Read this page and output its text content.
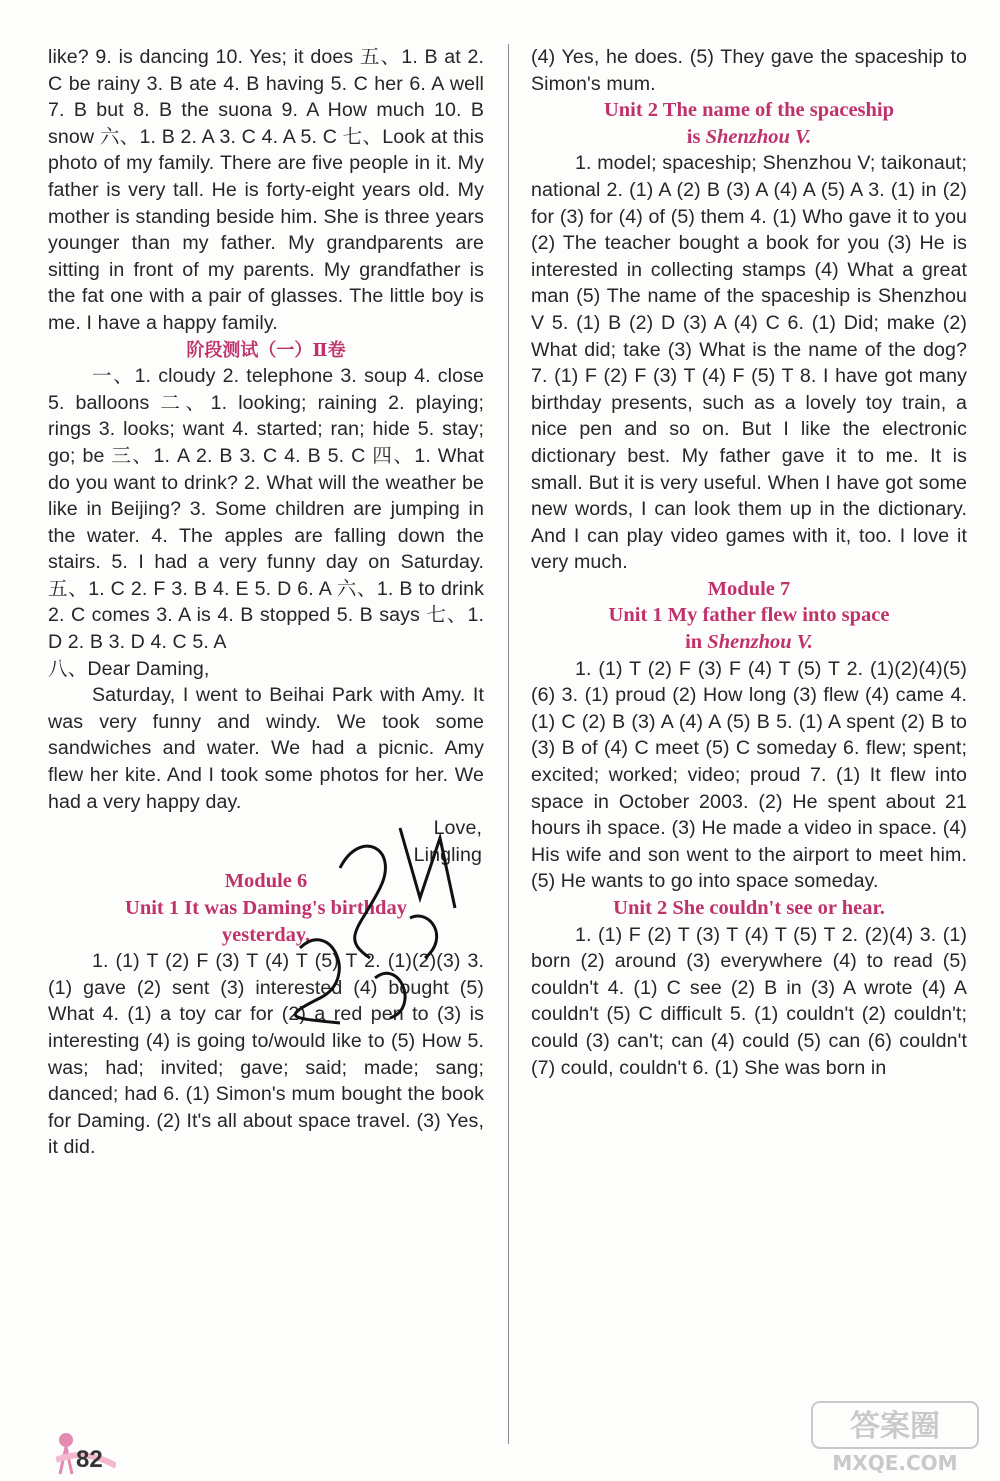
like? 9. is dancing 10. Yes; it does 五、1. B at 2. C be rainy 3. B ate 4. B having 5. C her 6. A well 7. B but 8. B the suona 9. A How much 10. B snow 六、1. B 2. A 3. C 4. A 5. C 七、Look at this photo of my family. There are five people in it. My father is very tall. He is forty-eight years old. My mother is standing beside him. She is three years younger than my father. My grandparents are sitting in front of my parents. My grandfather is the fat one with a pair of glasses. The little boy is me. I have a happy family.

阶段测试（一）Ⅱ卷

一、1. cloudy 2. telephone 3. soup 4. close 5. balloons 二、1. looking; raining 2. playing; rings 3. looks; want 4. started; ran; hide 5. stay; go; be 三、1. A 2. B 3. C 4. B 5. C 四、1. What do you want to drink? 2. What will the weather be like in Beijing? 3. Some children are jumping in the water. 4. The apples are falling down the stairs. 5. I had a very funny day on Saturday. 五、1. C 2. F 3. B 4. E 5. D 6. A 六、1. B to drink 2. C comes 3. A is 4. B stopped 5. B says 七、1. D 2. B 3. D 4. C 5. A

八、Dear Daming,

Saturday, I went to Beihai Park with Amy. It was very funny and windy. We took some sandwiches and water. We had a picnic. Amy flew her kite. And I took some photos for her. We had a very happy day.

Love,

Lingling

Module 6

Unit 1 It was Daming's birthday

yesterday.

1. (1) T (2) F (3) T (4) T (5) T 2. (1)(2)(3) 3. (1) gave (2) sent (3) interested (4) bought (5) What 4. (1) a toy car for (2) a red pen to (3) is interesting (4) is going to/would like to (5) How 5. was; had; invited; gave; said; made; sang; danced; had 6. (1) Simon's mum bought the book for Daming. (2) It's all about space travel. (3) Yes, it did.

(4) Yes, he does. (5) They gave the spaceship to Simon's mum.

Unit 2 The name of the spaceship

is Shenzhou V.

1. model; spaceship; Shenzhou V; taikonaut; national 2. (1) A (2) B (3) A (4) A (5) A 3. (1) in (2) for (3) for (4) of (5) them 4. (1) Who gave it to you (2) The teacher bought a book for you (3) He is interested in collecting stamps (4) What a great man (5) The name of the spaceship is Shenzhou V 5. (1) B (2) D (3) A (4) C 6. (1) Did; make (2) What did; take (3) What is the name of the dog? 7. (1) F (2) F (3) T (4) F (5) T 8. I have got many birthday presents, such as a lovely toy train, a nice pen and so on. But I like the electronic dictionary best. My father gave it to me. It is small. But it is very useful. When I have got some new words, I can look them up in the dictionary. And I can play video games with it, too. I love it very much.

Module 7

Unit 1 My father flew into space

in Shenzhou V.

1. (1) T (2) F (3) F (4) T (5) T 2. (1)(2)(4)(5)(6) 3. (1) proud (2) How long (3) flew (4) came 4. (1) C (2) B (3) A (4) A (5) B 5. (1) A spent (2) B to (3) B of (4) C meet (5) C someday 6. flew; spent; excited; worked; video; proud 7. (1) It flew into space in October 2003. (2) He spent about 21 hours ih space. (3) He made a video in space. (4) His wife and son went to the airport to meet him. (5) He wants to go into space someday.

Unit 2 She couldn't see or hear.

1. (1) F (2) T (3) T (4) T (5) T 2. (2)(4) 3. (1) born (2) around (3) everywhere (4) to read (5) couldn't 4. (1) C see (2) B in (3) A wrote (4) A couldn't (5) C difficult 5. (1) couldn't (2) couldn't; could (3) can't; can (4) could (5) can (6) couldn't (7) could, couldn't 6. (1) She was born in

82
答案圈
MXQE.COM
